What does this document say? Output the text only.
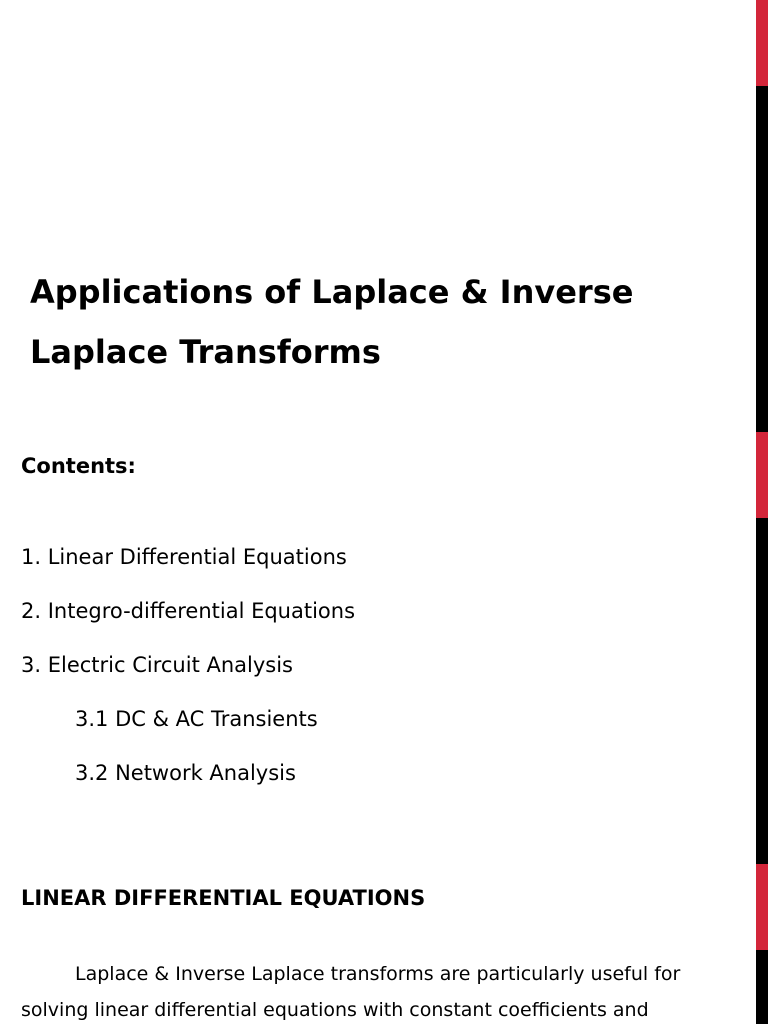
Applications of Laplace & Inverse
Laplace Transforms
Contents:
1. Linear Differential Equations
2. Integro-differential Equations
3. Electric Circuit Analysis
3.1 DC & AC Transients
3.2 Network Analysis
LINEAR DIFFERENTIAL EQUATIONS

Laplace & Inverse Laplace transforms are particularly useful for solving linear differential equations with constant coefficients and
